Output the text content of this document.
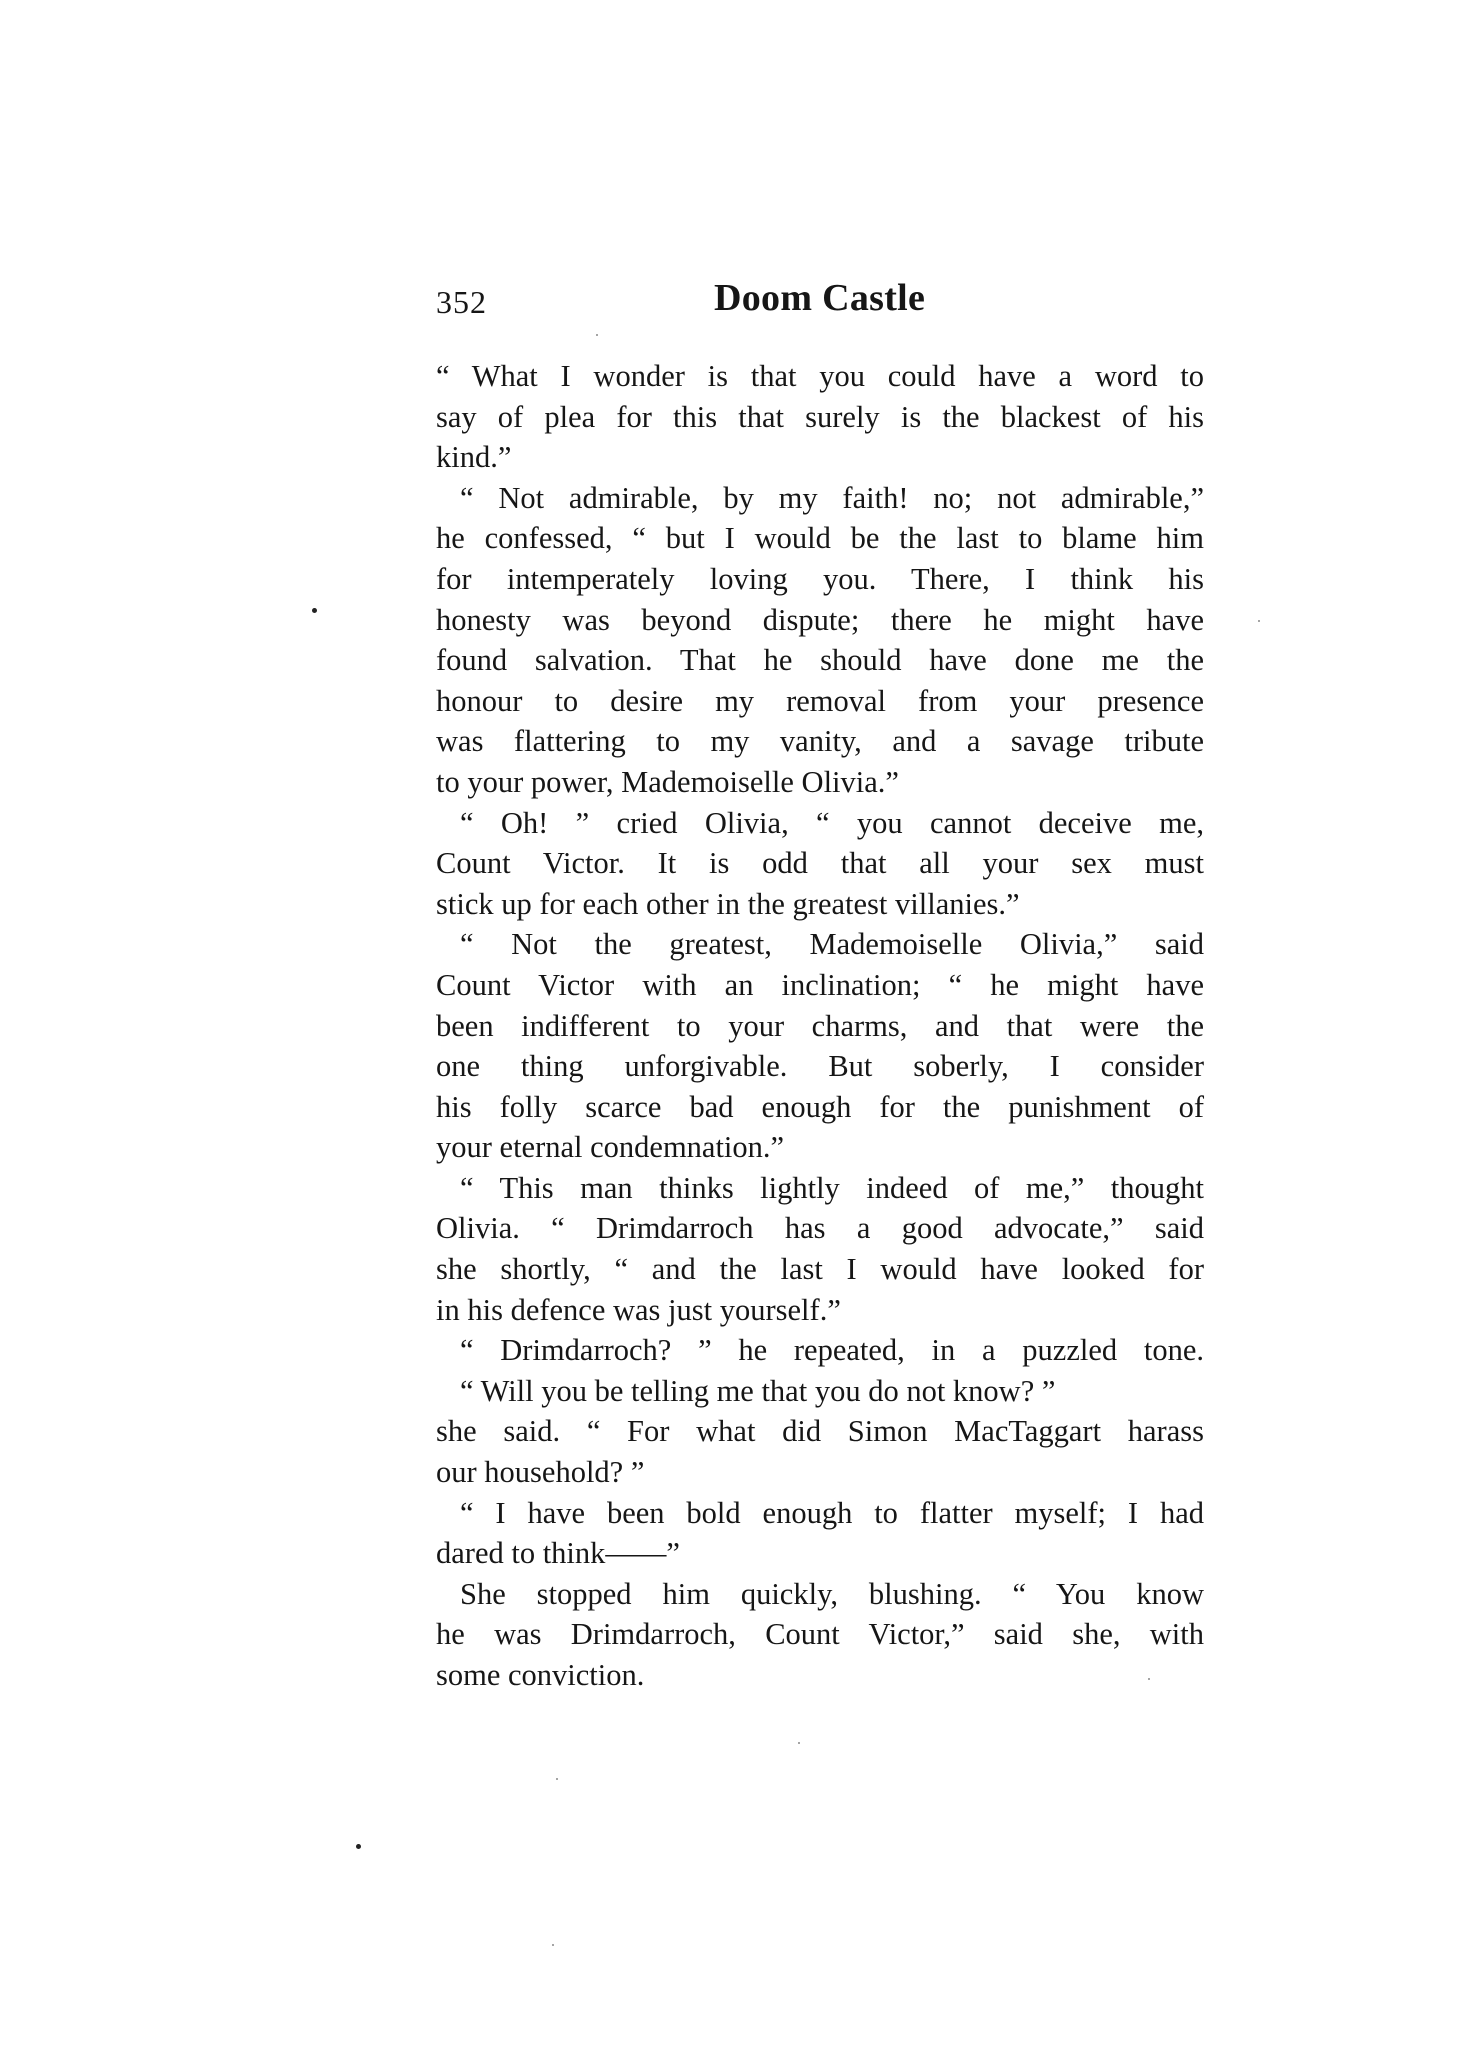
352	Doom Castle
“ What I wonder is that you could have a word to
say of plea for this that surely is the blackest of his
kind.”
“ Not admirable, by my faith! no; not admirable,”
he confessed, “ but I would be the last to blame him
for intemperately loving you. There, I think his
honesty was beyond dispute; there he might have
found salvation. That he should have done me the
honour to desire my removal from your presence
was flattering to my vanity, and a savage tribute
to your power, Mademoiselle Olivia.”
“ Oh! ” cried Olivia, “ you cannot deceive me,
Count Victor. It is odd that all your sex must
stick up for each other in the greatest villanies.”
“ Not the greatest, Mademoiselle Olivia,” said
Count Victor with an inclination; “ he might have
been indifferent to your charms, and that were the
one thing unforgivable. But soberly, I consider
his folly scarce bad enough for the punishment of
your eternal condemnation.”
“ This man thinks lightly indeed of me,” thought
Olivia. “ Drimdarroch has a good advocate,” said
she shortly, “ and the last I would have looked for
in his defence was just yourself.”
“ Drimdarroch? ” he repeated, in a puzzled tone.
“ Will you be telling me that you do not know? ”
she said. “ For what did Simon MacTaggart harass
our household? ”
“ I have been bold enough to flatter myself; I had
dared to think——”
She stopped him quickly, blushing. “ You know
he was Drimdarroch, Count Victor,” said she, with
some conviction.
